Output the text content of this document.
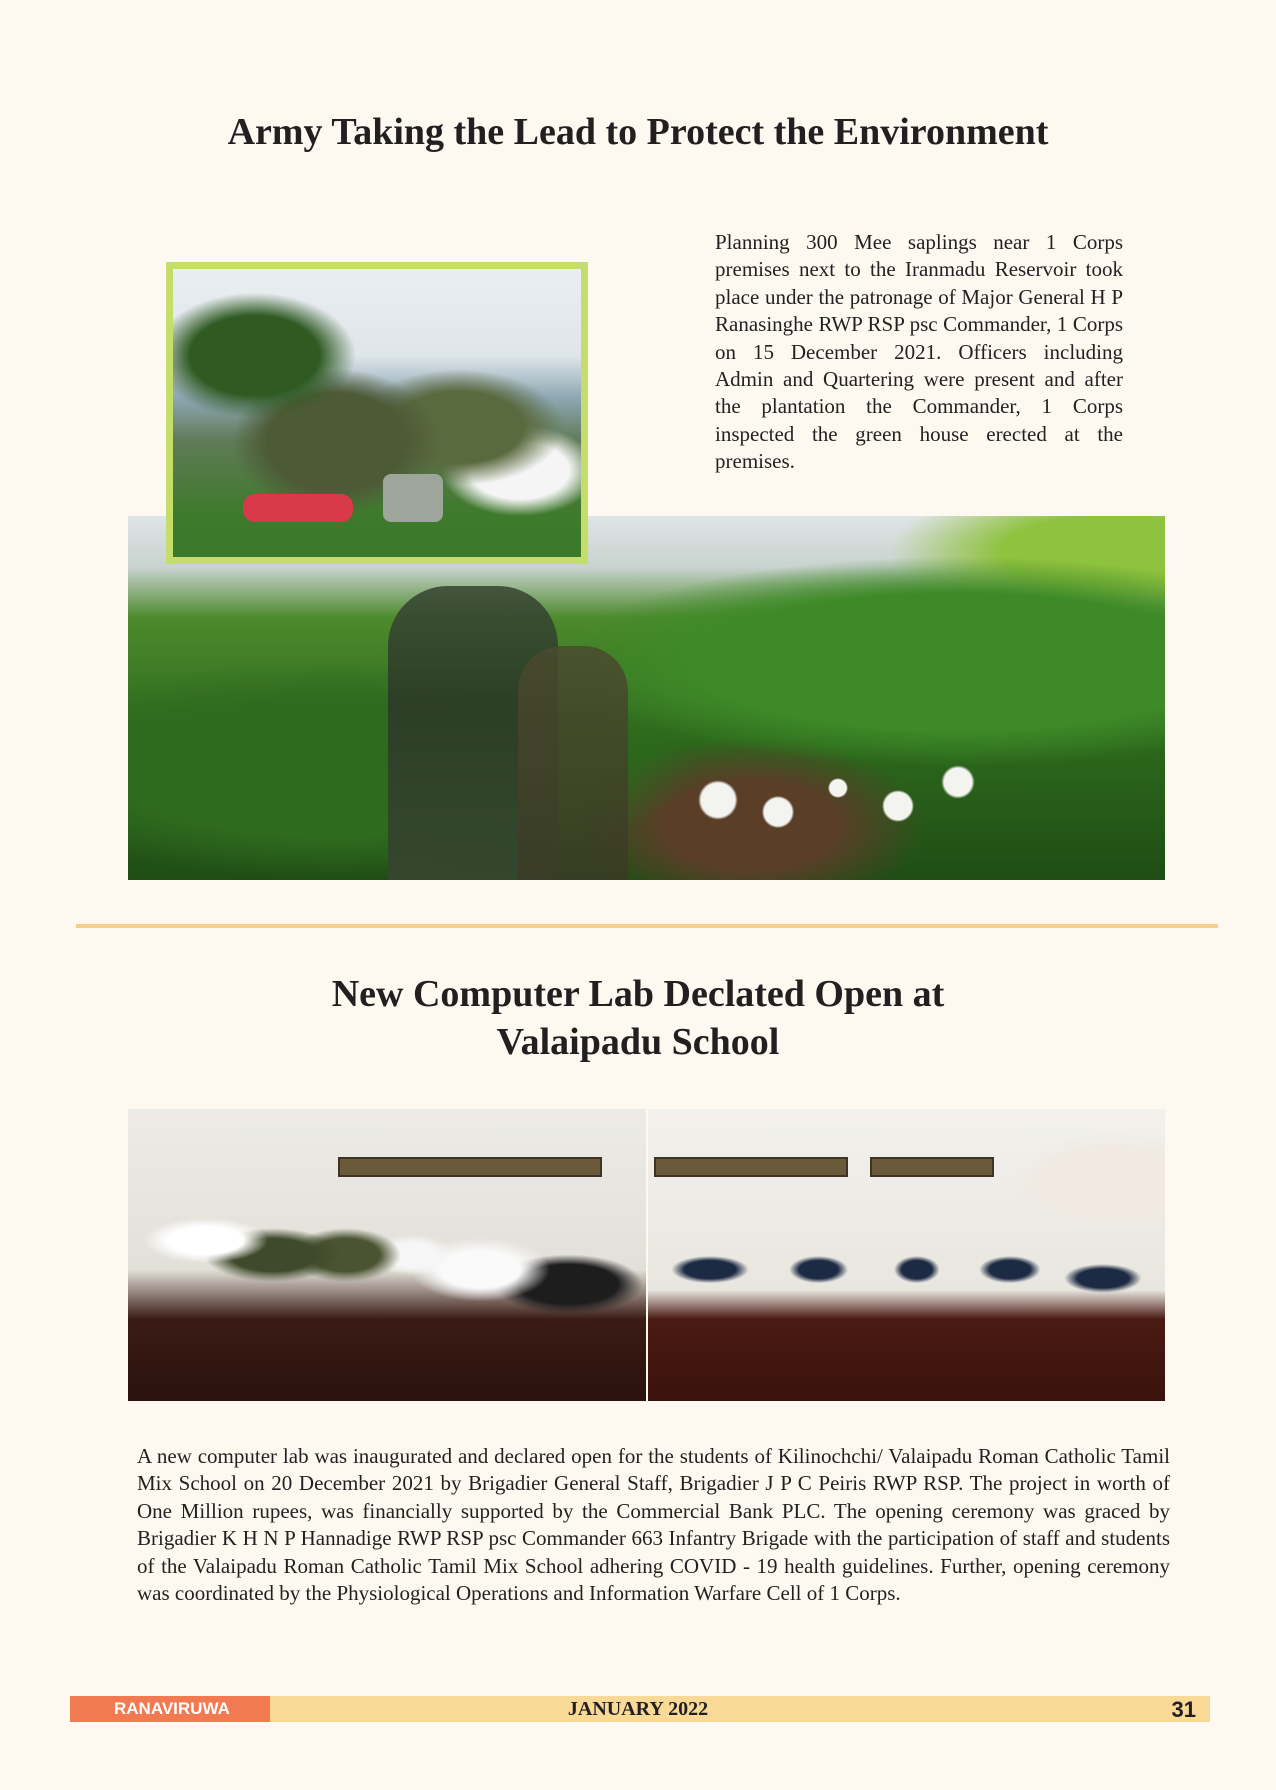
Army Taking the Lead to Protect the Environment

Planning 300 Mee saplings near 1 Corps premises next to the Iranmadu Reservoir took place under the patronage of Major General H P Ranasinghe RWP RSP psc Commander, 1 Corps on 15 December 2021. Officers including Admin and Quartering were present and after the plantation the Commander, 1 Corps inspected the green house erected at the premises.

New Computer Lab Declated Open at
Valaipadu School

A new computer lab was inaugurated and declared open for the students of Kilinochchi/ Valaipadu Roman Catholic Tamil Mix School on 20 December 2021 by Brigadier General Staff, Brigadier J P C Peiris RWP RSP. The project in worth of One Million rupees, was financially supported by the Commercial Bank PLC. The opening ceremony was graced by Brigadier K H N P Hannadige RWP RSP psc Commander 663 Infantry Brigade with the participation of staff and students of the Valaipadu Roman Catholic Tamil Mix School adhering COVID - 19 health guidelines. Further, opening ceremony was coordinated by the Physiological Operations and Information Warfare Cell of 1 Corps.

RANAVIRUWA	JANUARY 2022	31
